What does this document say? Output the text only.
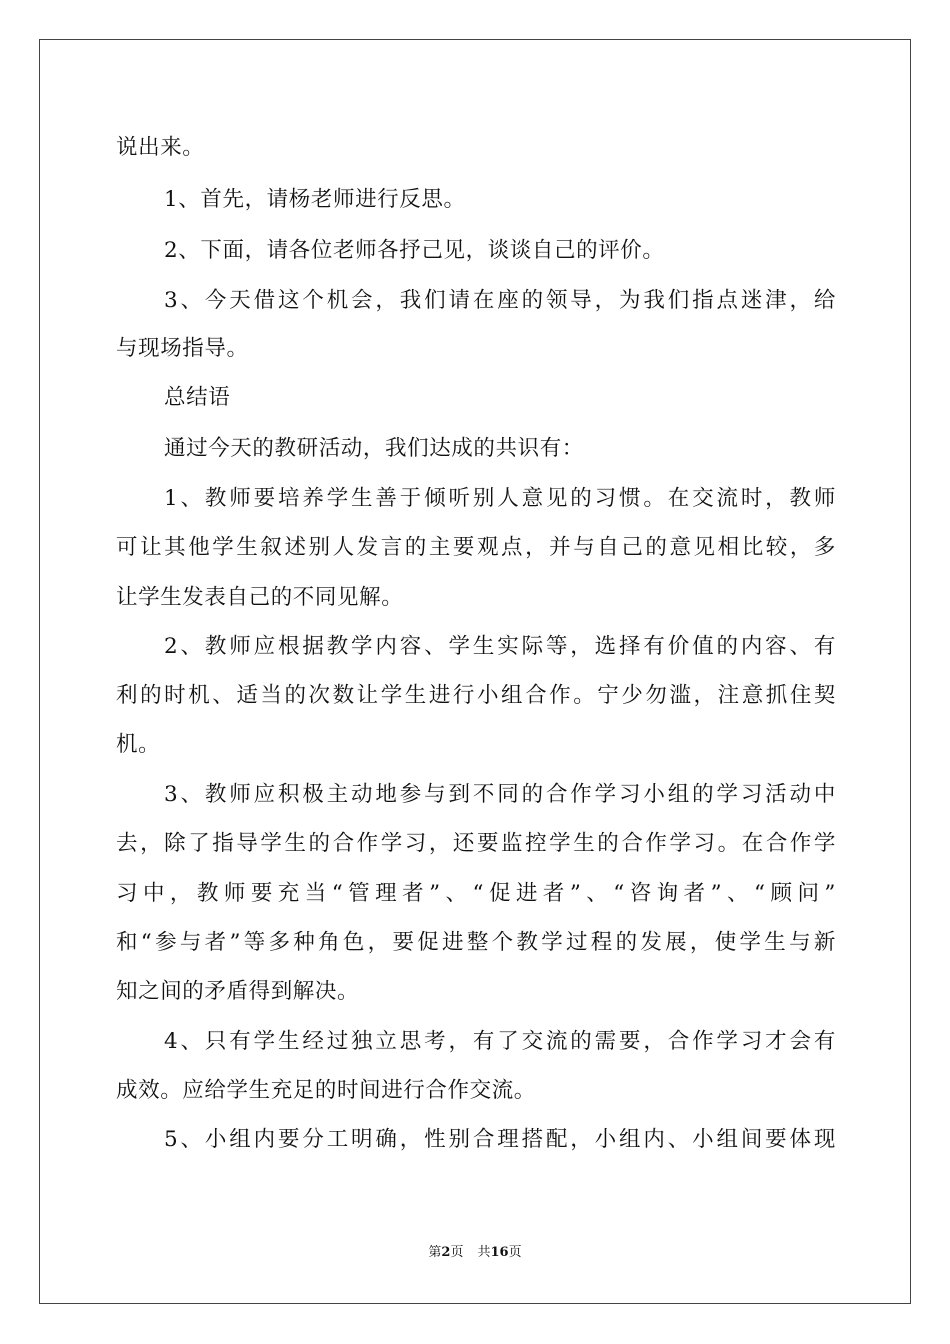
说出来。
1、首先，请杨老师进行反思。
2、下面，请各位老师各抒己见，谈谈自己的评价。
3、今天借这个机会，我们请在座的领导，为我们指点迷津，给
与现场指导。
总结语
通过今天的教研活动，我们达成的共识有：
1、教师要培养学生善于倾听别人意见的习惯。在交流时，教师
可让其他学生叙述别人发言的主要观点，并与自己的意见相比较，多
让学生发表自己的不同见解。
2、教师应根据教学内容、学生实际等，选择有价值的内容、有
利的时机、适当的次数让学生进行小组合作。宁少勿滥，注意抓住契
机。
3、教师应积极主动地参与到不同的合作学习小组的学习活动中
去，除了指导学生的合作学习，还要监控学生的合作学习。在合作学
习中，教师要充当“管理者”、“促进者”、“咨询者”、“顾问”
和“参与者”等多种角色，要促进整个教学过程的发展，使学生与新
知之间的矛盾得到解决。
4、只有学生经过独立思考，有了交流的需要，合作学习才会有
成效。应给学生充足的时间进行合作交流。
5、小组内要分工明确，性别合理搭配，小组内、小组间要体现
第2页 共16页
